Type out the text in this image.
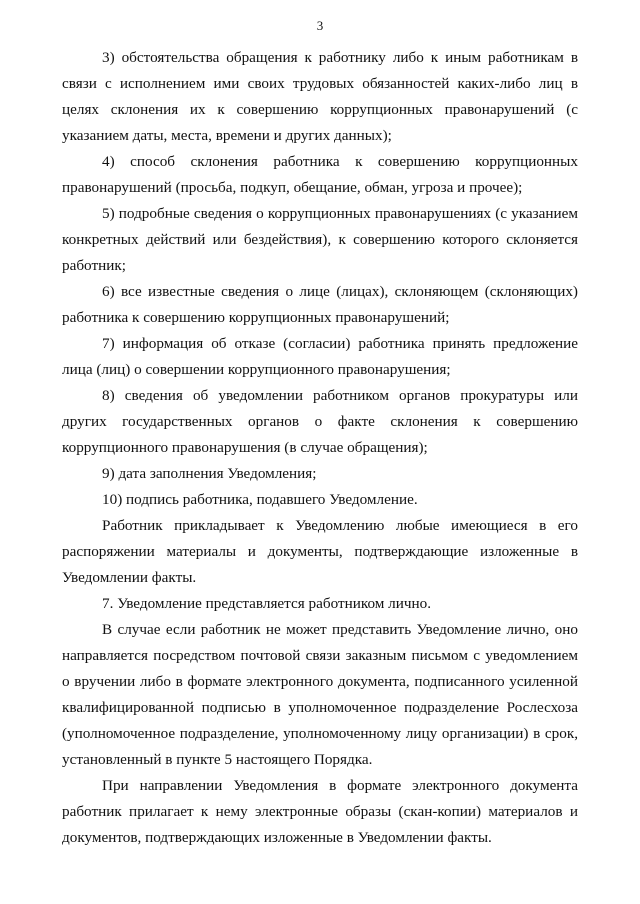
3

3) обстоятельства обращения к работнику либо к иным работникам в связи с исполнением ими своих трудовых обязанностей каких-либо лиц в целях склонения их к совершению коррупционных правонарушений (с указанием даты, места, времени и других данных);

4) способ склонения работника к совершению коррупционных правонарушений (просьба, подкуп, обещание, обман, угроза и прочее);

5) подробные сведения о коррупционных правонарушениях (с указанием конкретных действий или бездействия), к совершению которого склоняется работник;

6) все известные сведения о лице (лицах), склоняющем (склоняющих) работника к совершению коррупционных правонарушений;

7) информация об отказе (согласии) работника принять предложение лица (лиц) о совершении коррупционного правонарушения;

8) сведения об уведомлении работником органов прокуратуры или других государственных органов о факте склонения к совершению коррупционного правонарушения (в случае обращения);

9) дата заполнения Уведомления;

10) подпись работника, подавшего Уведомление.

Работник прикладывает к Уведомлению любые имеющиеся в его распоряжении материалы и документы, подтверждающие изложенные в Уведомлении факты.

7. Уведомление представляется работником лично.

В случае если работник не может представить Уведомление лично, оно направляется посредством почтовой связи заказным письмом с уведомлением о вручении либо в формате электронного документа, подписанного усиленной квалифицированной подписью в уполномоченное подразделение Рослесхоза (уполномоченное подразделение, уполномоченному лицу организации) в срок, установленный в пункте 5 настоящего Порядка.

При направлении Уведомления в формате электронного документа работник прилагает к нему электронные образы (скан-копии) материалов и документов, подтверждающих изложенные в Уведомлении факты.
